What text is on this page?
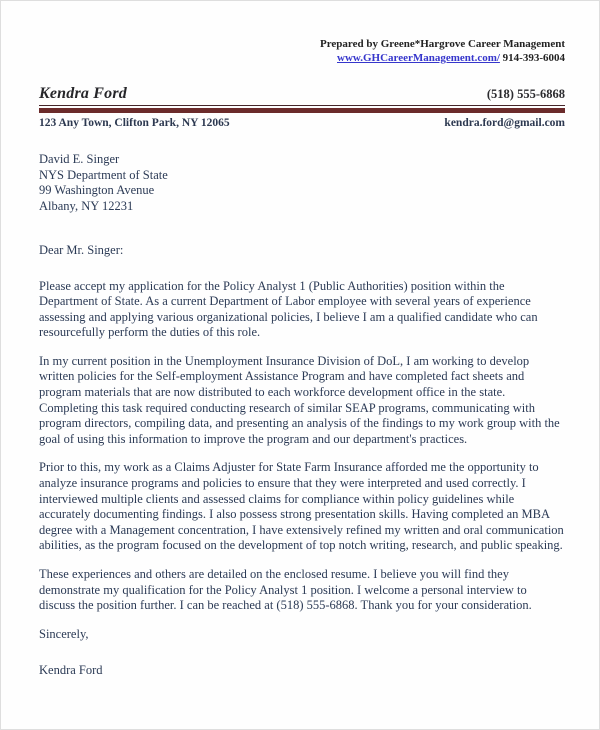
Prepared by Greene*Hargrove Career Management
www.GHCareerManagement.com/ 914-393-6004
Kendra Ford	(518) 555-6868
123 Any Town, Clifton Park, NY 12065	kendra.ford@gmail.com
David E. Singer
NYS Department of State
99 Washington Avenue
Albany, NY 12231

Dear Mr. Singer:

Please accept my application for the Policy Analyst 1 (Public Authorities) position within the Department of State. As a current Department of Labor employee with several years of experience assessing and applying various organizational policies, I believe I am a qualified candidate who can resourcefully perform the duties of this role.

In my current position in the Unemployment Insurance Division of DoL, I am working to develop written policies for the Self-employment Assistance Program and have completed fact sheets and program materials that are now distributed to each workforce development office in the state. Completing this task required conducting research of similar SEAP programs, communicating with program directors, compiling data, and presenting an analysis of the findings to my work group with the goal of using this information to improve the program and our department's practices.

Prior to this, my work as a Claims Adjuster for State Farm Insurance afforded me the opportunity to analyze insurance programs and policies to ensure that they were interpreted and used correctly. I interviewed multiple clients and assessed claims for compliance within policy guidelines while accurately documenting findings. I also possess strong presentation skills. Having completed an MBA degree with a Management concentration, I have extensively refined my written and oral communication abilities, as the program focused on the development of top notch writing, research, and public speaking.

These experiences and others are detailed on the enclosed resume. I believe you will find they demonstrate my qualification for the Policy Analyst 1 position. I welcome a personal interview to discuss the position further. I can be reached at (518) 555-6868. Thank you for your consideration.

Sincerely,

Kendra Ford
